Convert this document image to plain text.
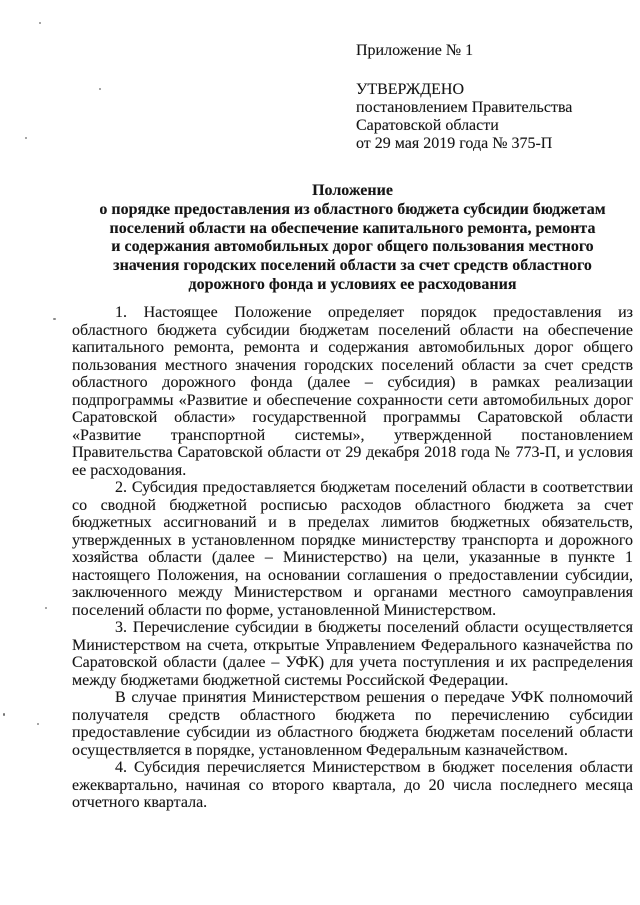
Приложение № 1
УТВЕРЖДЕНО
постановлением Правительства
Саратовской области
от 29 мая 2019 года № 375-П
Положение
о порядке предоставления из областного бюджета субсидии бюджетам
поселений области на обеспечение капитального ремонта, ремонта
и содержания автомобильных дорог общего пользования местного
значения городских поселений области за счет средств областного
дорожного фонда и условиях ее расходования

1. Настоящее Положение определяет порядок предоставления из областного бюджета субсидии бюджетам поселений области на обеспечение капитального ремонта, ремонта и содержания автомобильных дорог общего пользования местного значения городских поселений области за счет средств областного дорожного фонда (далее – субсидия) в рамках реализации подпрограммы «Развитие и обеспечение сохранности сети автомобильных дорог Саратовской области» государственной программы Саратовской области «Развитие транспортной системы», утвержденной постановлением Правительства Саратовской области от 29 декабря 2018 года № 773-П, и условия ее расходования.

2. Субсидия предоставляется бюджетам поселений области в соответствии со сводной бюджетной росписью расходов областного бюджета за счет бюджетных ассигнований и в пределах лимитов бюджетных обязательств, утвержденных в установленном порядке министерству транспорта и дорожного хозяйства области (далее – Министерство) на цели, указанные в пункте 1 настоящего Положения, на основании соглашения о предоставлении субсидии, заключенного между Министерством и органами местного самоуправления поселений области по форме, установленной Министерством.

3. Перечисление субсидии в бюджеты поселений области осуществляется Министерством на счета, открытые Управлением Федерального казначейства по Саратовской области (далее – УФК) для учета поступления и их распределения между бюджетами бюджетной системы Российской Федерации.

В случае принятия Министерством решения о передаче УФК полномочий получателя средств областного бюджета по перечислению субсидии предоставление субсидии из областного бюджета бюджетам поселений области осуществляется в порядке, установленном Федеральным казначейством.

4. Субсидия перечисляется Министерством в бюджет поселения области ежеквартально, начиная со второго квартала, до 20 числа последнего месяца отчетного квартала.
